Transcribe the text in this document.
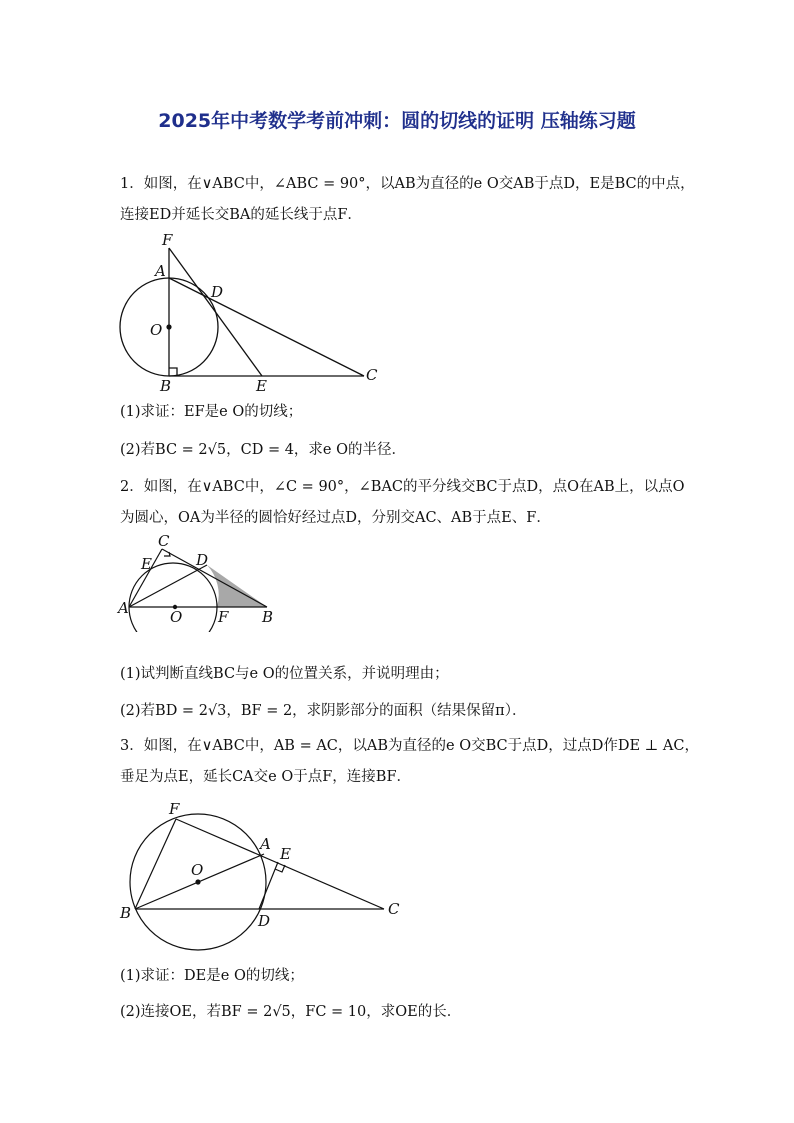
2025年中考数学考前冲刺：圆的切线的证明 压轴练习题
1．如图，在∨ABC中，∠ABC = 90°，以AB为直径的e O交AB于点D，E是BC的中点，
连接ED并延长交BA的延长线于点F．
F
A
D
O
B	E
C
(1)求证：EF是e O的切线；
(2)若BC = 2√5，CD = 4，求e O的半径．
2．如图，在∨ABC中，∠C = 90°，∠BAC的平分线交BC于点D，点O在AB上，以点O
为圆心，OA为半径的圆恰好经过点D，分别交AC、AB于点E、F．
C
E	D
A	O F B
(1)试判断直线BC与e O的位置关系，并说明理由；
(2)若BD = 2√3，BF = 2，求阴影部分的面积（结果保留π）．
3．如图，在∨ABC中，AB = AC，以AB为直径的e O交BC于点D，过点D作DE ⊥ AC，
垂足为点E，延长CA交e O于点F，连接BF．
F
A
E
O
B	D
C
(1)求证：DE是e O的切线；
(2)连接OE，若BF = 2√5，FC = 10，求OE的长．
